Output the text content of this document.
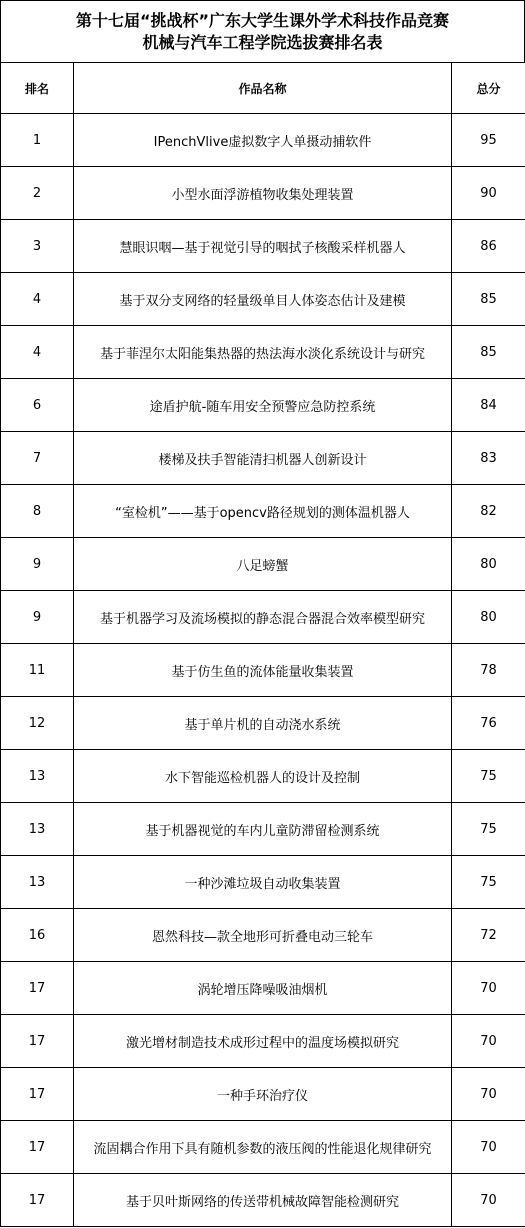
第十七届“挑战杯”广东大学生课外学术科技作品竞赛
机械与汽车工程学院选拔赛排名表
排名	作品名称	总分
1	IPenchVlive虚拟数字人单摄动捕软件	95
2	小型水面浮游植物收集处理装置	90
3	慧眼识咽—基于视觉引导的咽拭子核酸采样机器人	86
4	基于双分支网络的轻量级单目人体姿态估计及建模	85
4	基于菲涅尔太阳能集热器的热法海水淡化系统设计与研究	85
6	途盾护航-随车用安全预警应急防控系统	84
7	楼梯及扶手智能清扫机器人创新设计	83
8	“室检机”——基于opencv路径规划的测体温机器人	82
9	八足螃蟹	80
9	基于机器学习及流场模拟的静态混合器混合效率模型研究	80
11	基于仿生鱼的流体能量收集装置	78
12	基于单片机的自动浇水系统	76
13	水下智能巡检机器人的设计及控制	75
13	基于机器视觉的车内儿童防滞留检测系统	75
13	一种沙滩垃圾自动收集装置	75
16	恩然科技—款全地形可折叠电动三轮车	72
17	涡轮增压降噪吸油烟机	70
17	激光增材制造技术成形过程中的温度场模拟研究	70
17	一种手环治疗仪	70
17	流固耦合作用下具有随机参数的液压阀的性能退化规律研究	70
17	基于贝叶斯网络的传送带机械故障智能检测研究	70
